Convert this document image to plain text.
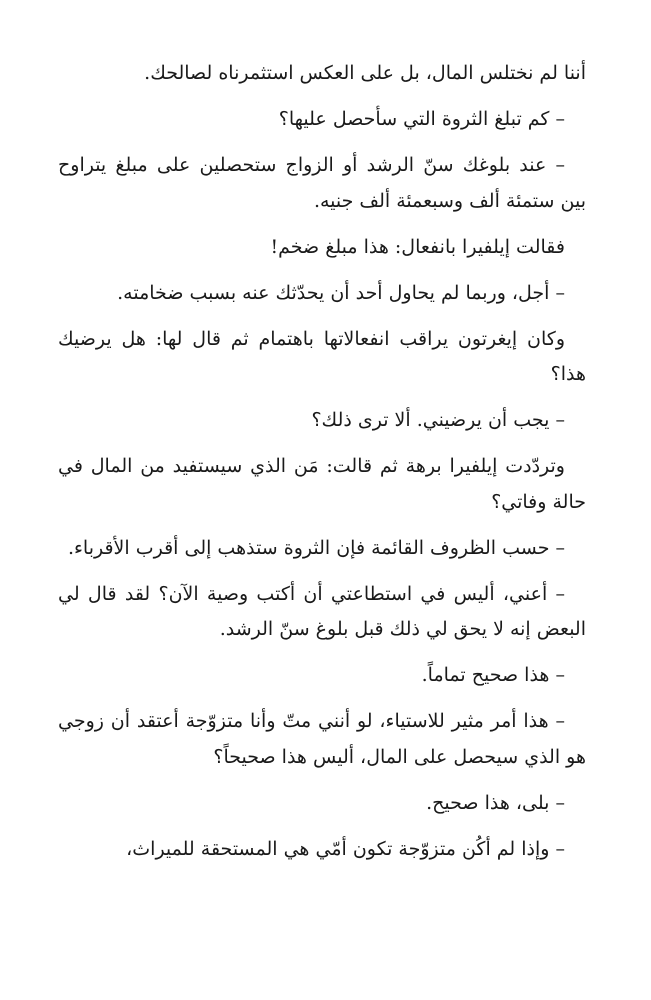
أننا لم نختلس المال، بل على العكس استثمرناه لصالحك.

– كم تبلغ الثروة التي سأحصل عليها؟

– عند بلوغك سنّ الرشد أو الزواج ستحصلين على مبلغ يتراوح بين ستمئة ألف وسبعمئة ألف جنيه.

فقالت إيلفيرا بانفعال: هذا مبلغ ضخم!

– أجل، وربما لم يحاول أحد أن يحدّثك عنه بسبب ضخامته.

وكان إيغرتون يراقب انفعالاتها باهتمام ثم قال لها: هل يرضيك هذا؟

– يجب أن يرضيني. ألا ترى ذلك؟

وتردّدت إيلفيرا برهة ثم قالت: مَن الذي سيستفيد من المال في حالة وفاتي؟

– حسب الظروف القائمة فإن الثروة ستذهب إلى أقرب الأقرباء.

– أعني، أليس في استطاعتي أن أكتب وصية الآن؟ لقد قال لي البعض إنه لا يحق لي ذلك قبل بلوغ سنّ الرشد.

– هذا صحيح تماماً.

– هذا أمر مثير للاستياء، لو أنني متّ وأنا متزوّجة أعتقد أن زوجي هو الذي سيحصل على المال، أليس هذا صحيحاً؟

– بلى، هذا صحيح.

– وإذا لم أكُن متزوّجة تكون أمّي هي المستحقة للميراث،
